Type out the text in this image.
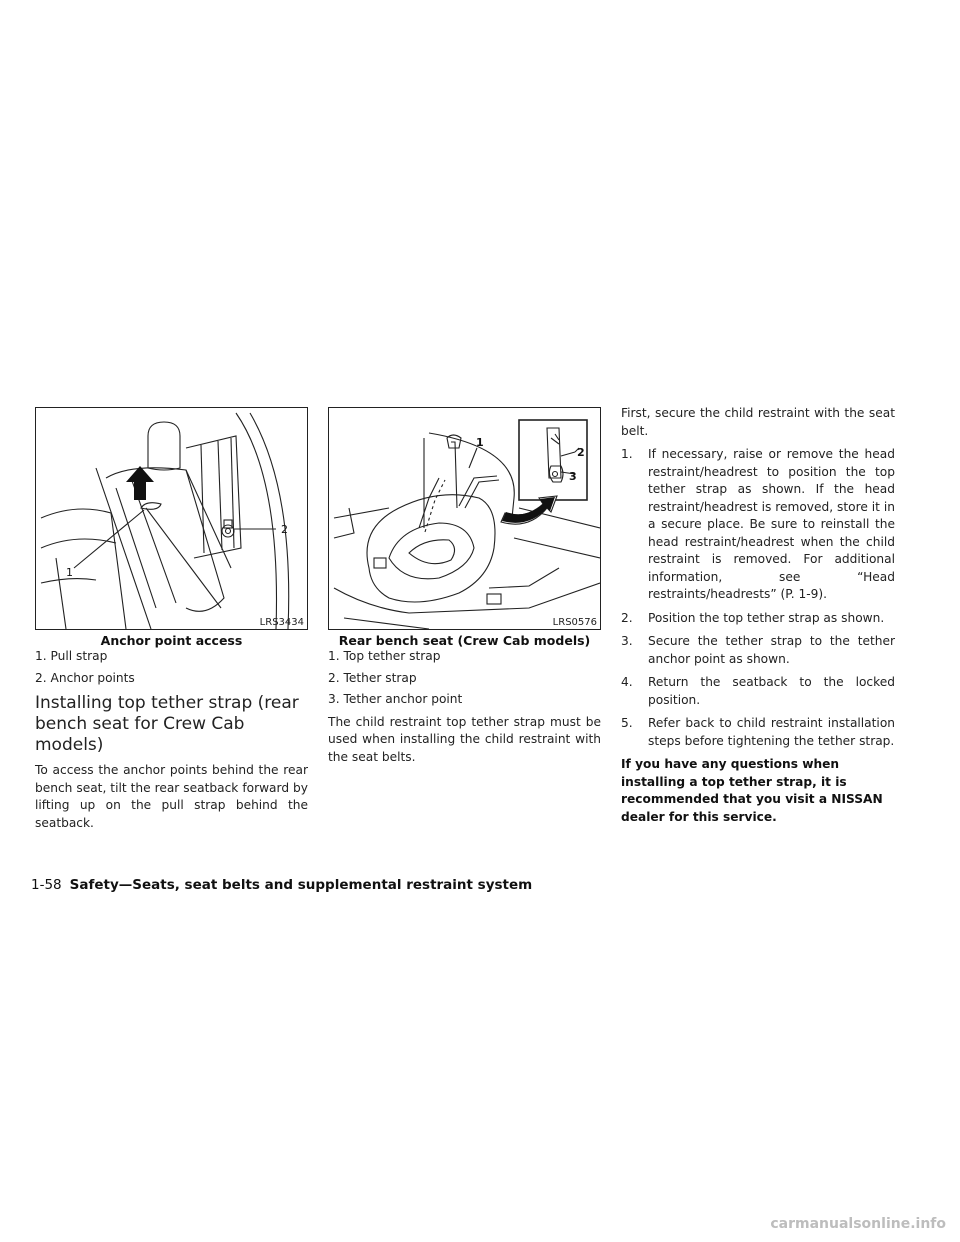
1
2
LRS3434
Anchor point access
1
2
3
LRS0576
Rear bench seat (Crew Cab models)
1. Pull strap
2. Anchor points
Installing top tether strap (rear bench seat for Crew Cab models)

To access the anchor points behind the rear bench seat, tilt the rear seatback forward by lifting up on the pull strap behind the seatback.

1. Top tether strap
2. Tether strap
3. Tether anchor point

The child restraint top tether strap must be used when installing the child restraint with the seat belts.

First, secure the child restraint with the seat belt.

1. If necessary, raise or remove the head restraint/headrest to position the top tether strap as shown. If the head restraint/headrest is removed, store it in a secure place. Be sure to reinstall the head restraint/headrest when the child restraint is removed. For additional information, see “Head restraints/headrests” (P. 1-9).
2. Position the top tether strap as shown.
3. Secure the tether strap to the tether anchor point as shown.
4. Return the seatback to the locked position.
5. Refer back to child restraint installation steps before tightening the tether strap.

If you have any questions when installing a top tether strap, it is recommended that you visit a NISSAN dealer for this service.

1-58 Safety—Seats, seat belts and supplemental restraint system
carmanualsonline.info
